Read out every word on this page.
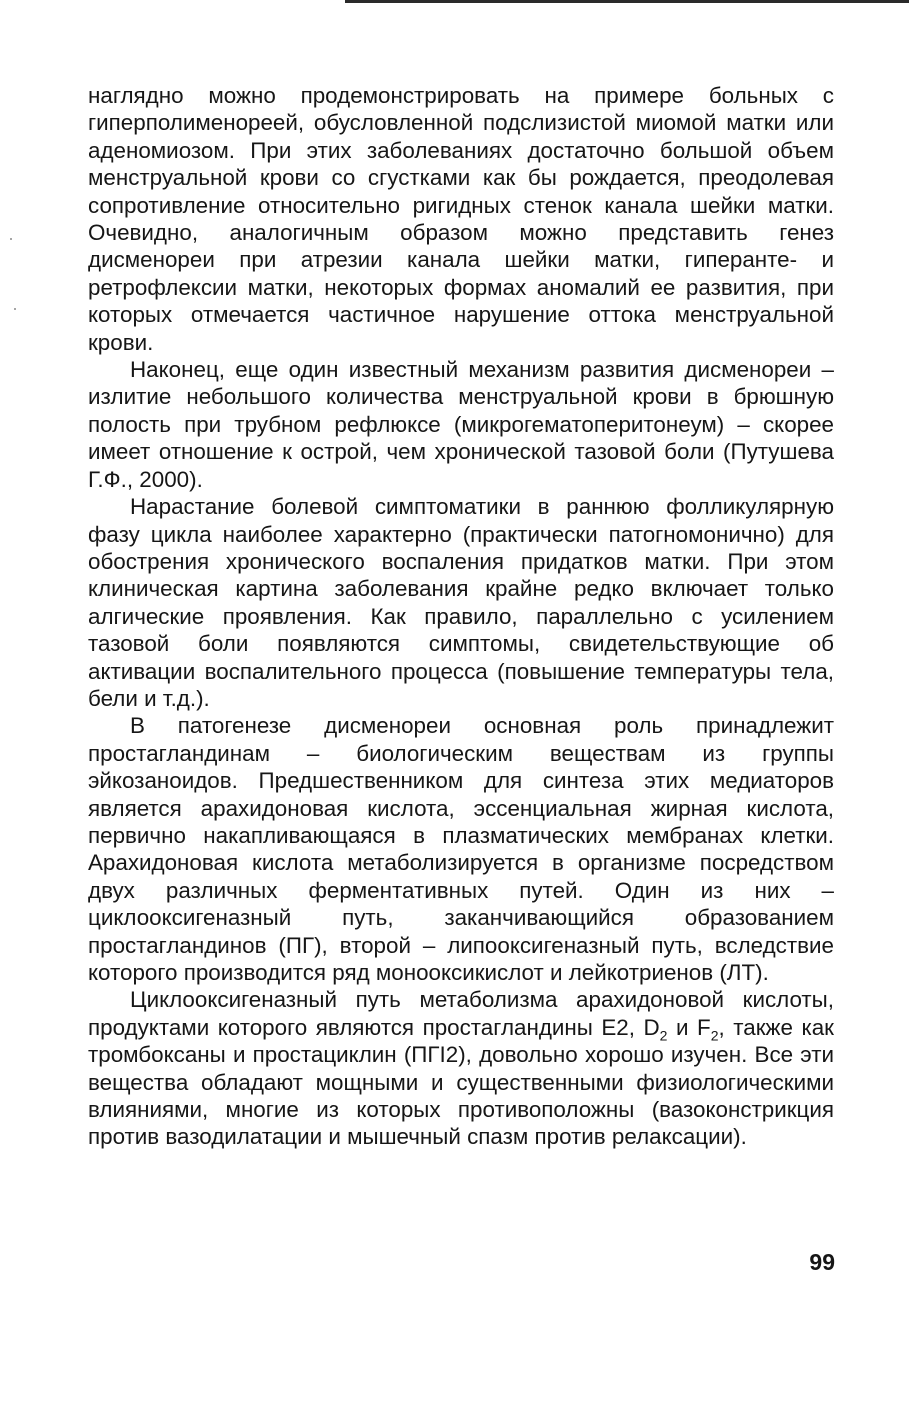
наглядно можно продемонстрировать на примере больных с гиперполименореей, обусловленной подслизистой миомой матки или аденомиозом. При этих заболеваниях достаточно большой объем менструальной крови со сгустками как бы рождается, преодолевая сопротивление относительно ригидных стенок канала шейки матки. Очевидно, аналогичным образом можно представить генез дисменореи при атрезии канала шейки матки, гиперанте- и ретрофлексии матки, некоторых формах аномалий ее развития, при которых отмечается частичное нарушение оттока менструальной крови.

Наконец, еще один известный механизм развития дисменореи – излитие небольшого количества менструальной крови в брюшную полость при трубном рефлюксе (микрогематоперитонеум) – скорее имеет отношение к острой, чем хронической тазовой боли (Путушева Г.Ф., 2000).

Нарастание болевой симптоматики в раннюю фолликулярную фазу цикла наиболее характерно (практически патогномонично) для обострения хронического воспаления придатков матки. При этом клиническая картина заболевания крайне редко включает только алгические проявления. Как правило, параллельно с усилением тазовой боли появляются симптомы, свидетельствующие об активации воспалительного процесса (повышение температуры тела, бели и т.д.).

В патогенезе дисменореи основная роль принадлежит простагландинам – биологическим веществам из группы эйкозаноидов. Предшественником для синтеза этих медиаторов является арахидоновая кислота, эссенциальная жирная кислота, первично накапливающаяся в плазматических мембранах клетки. Арахидоновая кислота метаболизируется в организме посредством двух различных ферментативных путей. Один из них – циклооксигеназный путь, заканчивающийся образованием простагландинов (ПГ), второй – липооксигеназный путь, вследствие которого производится ряд монооксикислот и лейкотриенов (ЛТ).

Циклооксигеназный путь метаболизма арахидоновой кислоты, продуктами которого являются простагландины E2, $D_2$ и $F_2$, также как тромбоксаны и простациклин (ПГI2), довольно хорошо изучен. Все эти вещества обладают мощными и существенными физиологическими влияниями, многие из которых противоположны (вазоконстрикция против вазодилатации и мышечный спазм против релаксации).

99
